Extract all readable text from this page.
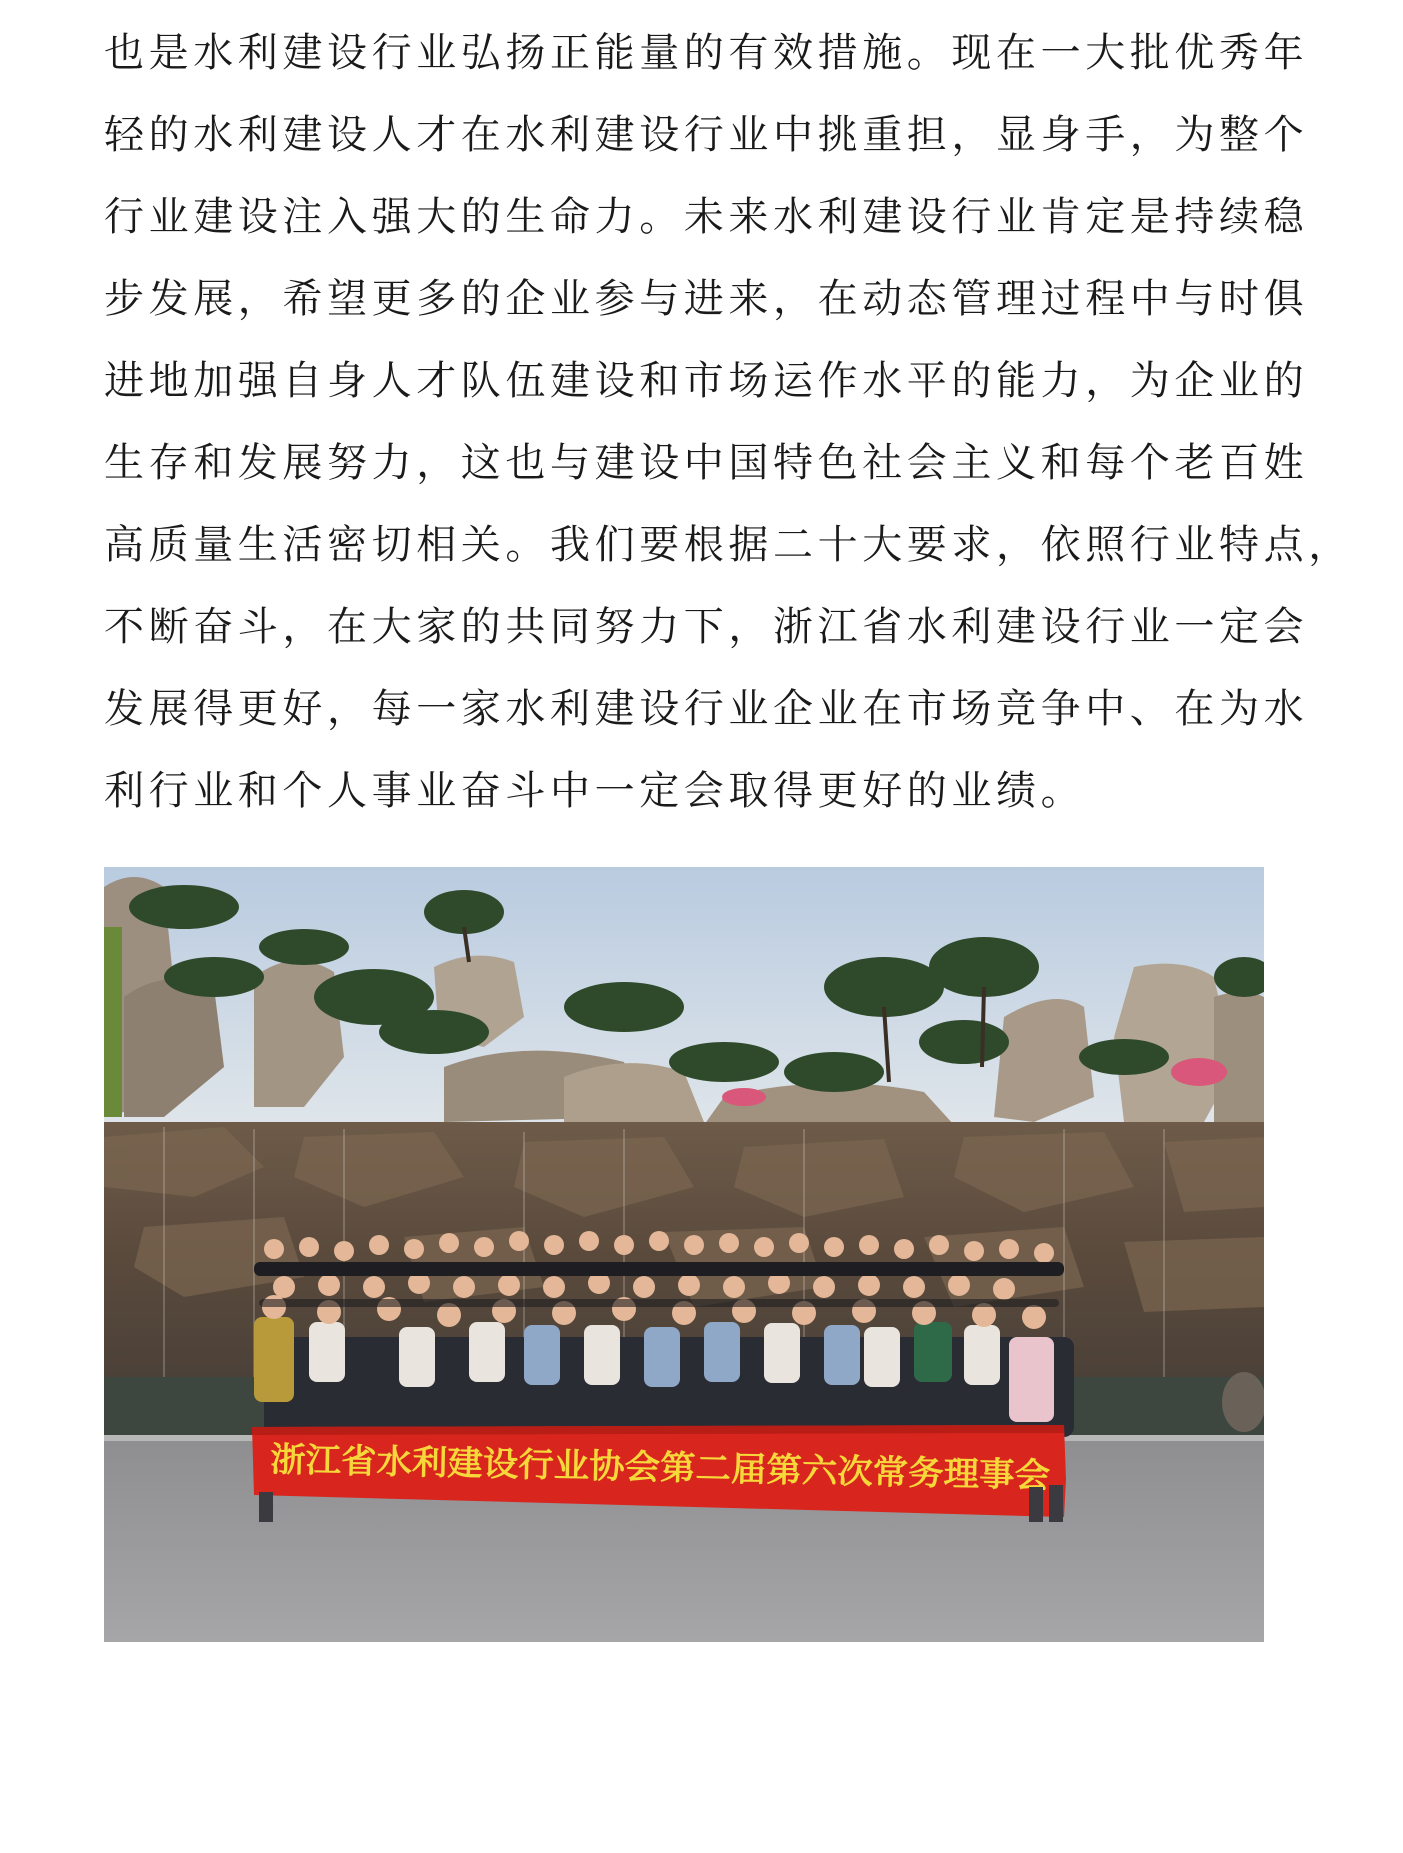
也是水利建设行业弘扬正能量的有效措施。现在一大批优秀年
轻的水利建设人才在水利建设行业中挑重担，显身手，为整个
行业建设注入强大的生命力。未来水利建设行业肯定是持续稳
步发展，希望更多的企业参与进来，在动态管理过程中与时俱
进地加强自身人才队伍建设和市场运作水平的能力，为企业的
生存和发展努力，这也与建设中国特色社会主义和每个老百姓
高质量生活密切相关。我们要根据二十大要求，依照行业特点，
不断奋斗，在大家的共同努力下，浙江省水利建设行业一定会
发展得更好，每一家水利建设行业企业在市场竞争中、在为水
利行业和个人事业奋斗中一定会取得更好的业绩。
浙江省水利建设行业协会第二届第六次常务理事会
